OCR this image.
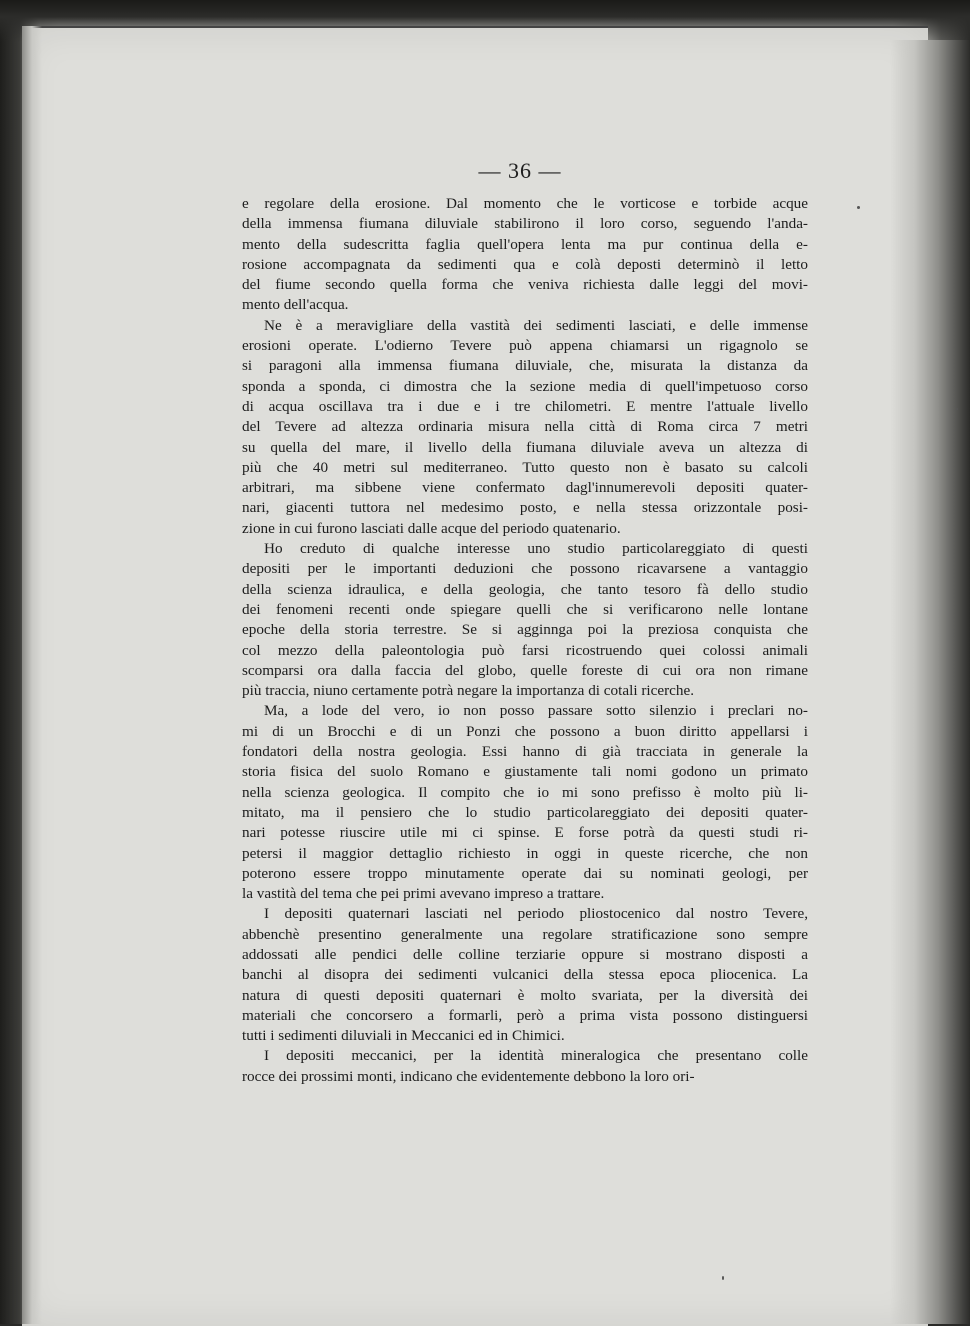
— 36 —
e regolare della erosione. Dal momento che le vorticose e torbide acque
della immensa fiumana diluviale stabilirono il loro corso, seguendo l'anda-
mento della sudescritta faglia quell'opera lenta ma pur continua della e-
rosione accompagnata da sedimenti qua e colà deposti determinò il letto
del fiume secondo quella forma che veniva richiesta dalle leggi del movi-
mento dell'acqua.
Ne è a meravigliare della vastità dei sedimenti lasciati, e delle immense
erosioni operate. L'odierno Tevere può appena chiamarsi un rigagnolo se
si paragoni alla immensa fiumana diluviale, che, misurata la distanza da
sponda a sponda, ci dimostra che la sezione media di quell'impetuoso corso
di acqua oscillava tra i due e i tre chilometri. E mentre l'attuale livello
del Tevere ad altezza ordinaria misura nella città di Roma circa 7 metri
su quella del mare, il livello della fiumana diluviale aveva un altezza di
più che 40 metri sul mediterraneo. Tutto questo non è basato su calcoli
arbitrari, ma sibbene viene confermato dagl'innumerevoli depositi quater-
nari, giacenti tuttora nel medesimo posto, e nella stessa orizzontale posi-
zione in cui furono lasciati dalle acque del periodo quatenario.
Ho creduto di qualche interesse uno studio particolareggiato di questi
depositi per le importanti deduzioni che possono ricavarsene a vantaggio
della scienza idraulica, e della geologia, che tanto tesoro fà dello studio
dei fenomeni recenti onde spiegare quelli che si verificarono nelle lontane
epoche della storia terrestre. Se si agginnga poi la preziosa conquista che
col mezzo della paleontologia può farsi ricostruendo quei colossi animali
scomparsi ora dalla faccia del globo, quelle foreste di cui ora non rimane
più traccia, niuno certamente potrà negare la importanza di cotali ricerche.
Ma, a lode del vero, io non posso passare sotto silenzio i preclari no-
mi di un Brocchi e di un Ponzi che possono a buon diritto appellarsi i
fondatori della nostra geologia. Essi hanno di già tracciata in generale la
storia fisica del suolo Romano e giustamente tali nomi godono un primato
nella scienza geologica. Il compito che io mi sono prefisso è molto più li-
mitato, ma il pensiero che lo studio particolareggiato dei depositi quater-
nari potesse riuscire utile mi ci spinse. E forse potrà da questi studi ri-
petersi il maggior dettaglio richiesto in oggi in queste ricerche, che non
poterono essere troppo minutamente operate dai su nominati geologi, per
la vastità del tema che pei primi avevano impreso a trattare.
I depositi quaternari lasciati nel periodo pliostocenico dal nostro Tevere,
abbenchè presentino generalmente una regolare stratificazione sono sempre
addossati alle pendici delle colline terziarie oppure si mostrano disposti a
banchi al disopra dei sedimenti vulcanici della stessa epoca pliocenica. La
natura di questi depositi quaternari è molto svariata, per la diversità dei
materiali che concorsero a formarli, però a prima vista possono distinguersi
tutti i sedimenti diluviali in Meccanici ed in Chimici.
I depositi meccanici, per la identità mineralogica che presentano colle
rocce dei prossimi monti, indicano che evidentemente debbono la loro ori-
